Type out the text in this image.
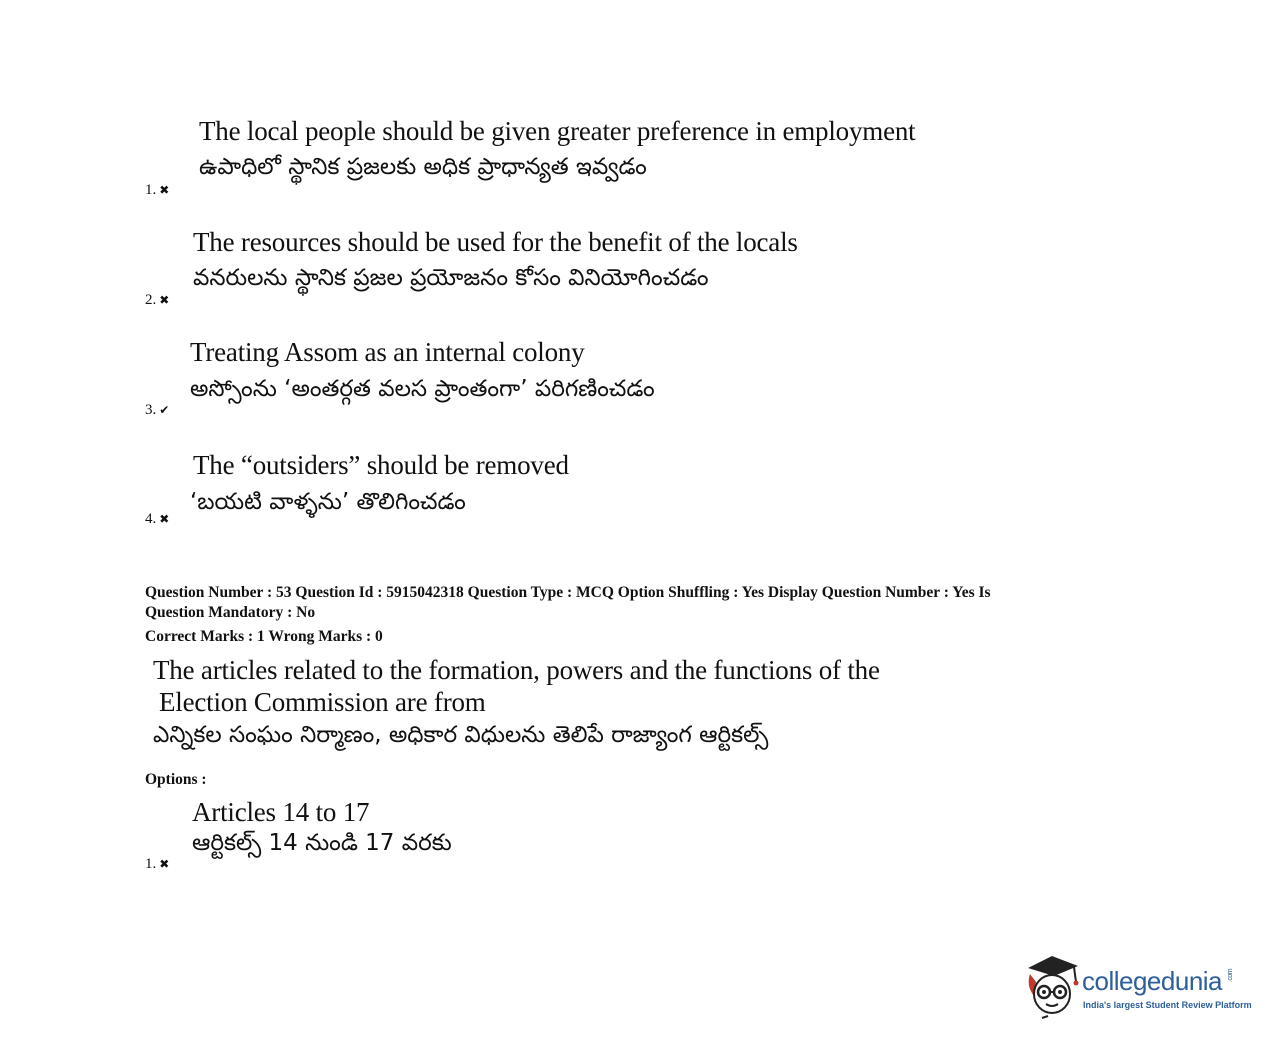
The local people should be given greater preference in employment
ఉపాధిలో స్థానిక ప్రజలకు అధిక ప్రాధాన్యత ఇవ్వడం
1. ✖
The resources should be used for the benefit of the locals
వనరులను స్థానిక ప్రజల ప్రయోజనం కోసం వినియోగించడం
2. ✖
Treating Assom as an internal colony
అస్సోంను ‘అంతర్గత వలస ప్రాంతంగా’ పరిగణించడం
3. ✔
The “outsiders” should be removed
‘బయటి వాళ్ళను’ తొలిగించడం
4. ✖
Question Number : 53 Question Id : 5915042318 Question Type : MCQ Option Shuffling : Yes Display Question Number : Yes Is
Question Mandatory : No
Correct Marks : 1 Wrong Marks : 0
The articles related to the formation, powers and the functions of the
Election Commission are from
ఎన్నికల సంఘం నిర్మాణం, అధికార విధులను తెలిపే రాజ్యాంగ ఆర్టికల్స్
Options :
Articles 14 to 17
ఆర్టికల్స్ 14 నుండి 17 వరకు
1. ✖
collegedunia .com
India's largest Student Review Platform
